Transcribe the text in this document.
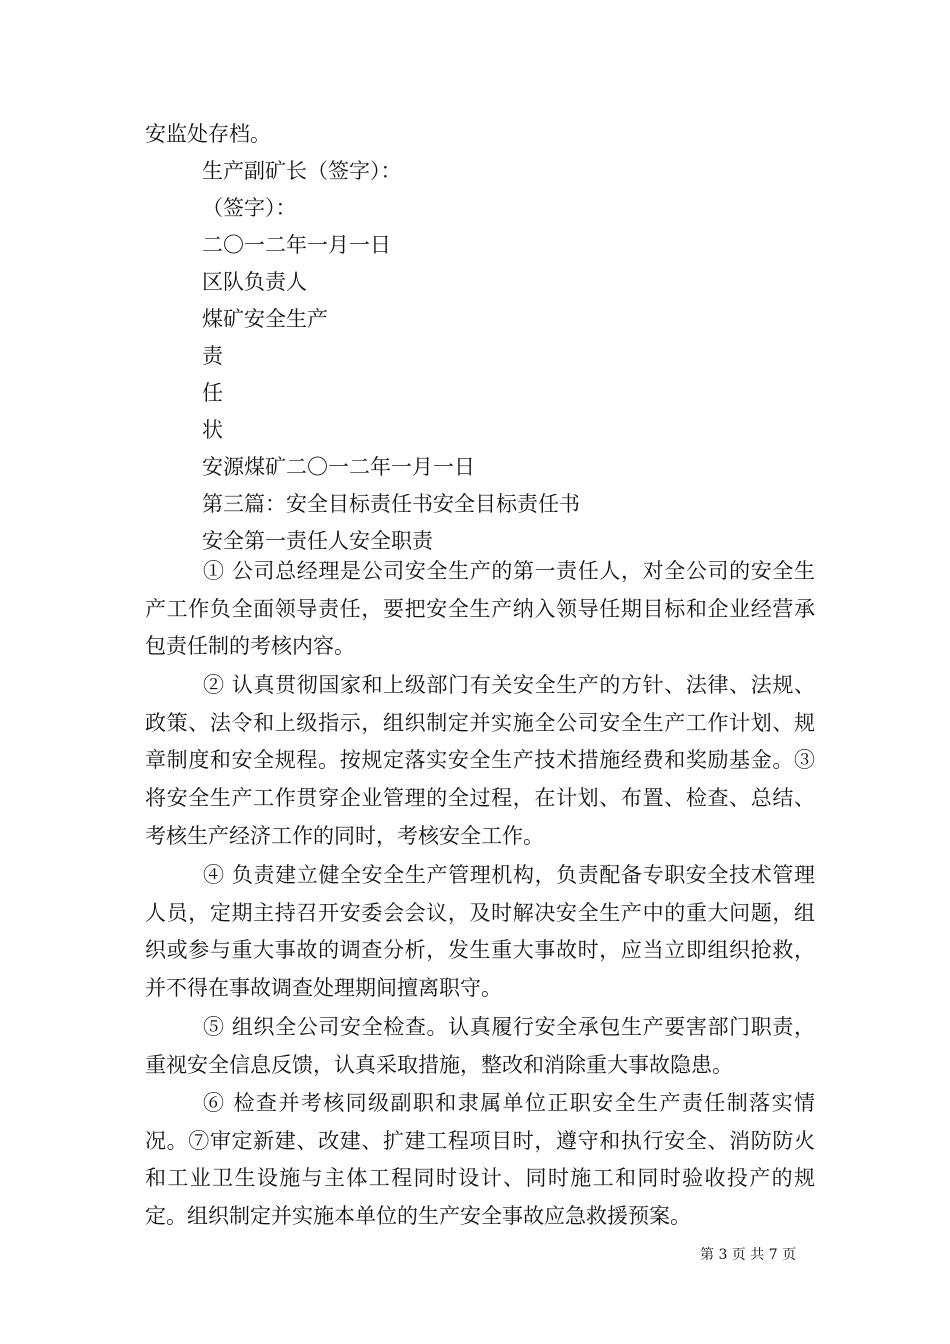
安监处存档。
生产副矿长（签字）：
（签字）：
二〇一二年一月一日
区队负责人
煤矿安全生产
责
任
状
安源煤矿二〇一二年一月一日
第三篇：安全目标责任书安全目标责任书
安全第一责任人安全职责
① 公司总经理是公司安全生产的第一责任人，对全公司的安全生产工作负全面领导责任，要把安全生产纳入领导任期目标和企业经营承包责任制的考核内容。
② 认真贯彻国家和上级部门有关安全生产的方针、法律、法规、政策、法令和上级指示，组织制定并实施全公司安全生产工作计划、规章制度和安全规程。按规定落实安全生产技术措施经费和奖励基金。③将安全生产工作贯穿企业管理的全过程，在计划、布置、检查、总结、考核生产经济工作的同时，考核安全工作。
④ 负责建立健全安全生产管理机构，负责配备专职安全技术管理人员，定期主持召开安委会会议，及时解决安全生产中的重大问题，组织或参与重大事故的调查分析，发生重大事故时，应当立即组织抢救，并不得在事故调查处理期间擅离职守。
⑤ 组织全公司安全检查。认真履行安全承包生产要害部门职责，重视安全信息反馈，认真采取措施，整改和消除重大事故隐患。
⑥ 检查并考核同级副职和隶属单位正职安全生产责任制落实情况。⑦审定新建、改建、扩建工程项目时，遵守和执行安全、消防防火和工业卫生设施与主体工程同时设计、同时施工和同时验收投产的规定。组织制定并实施本单位的生产安全事故应急救援预案。
第 3 页 共 7 页
